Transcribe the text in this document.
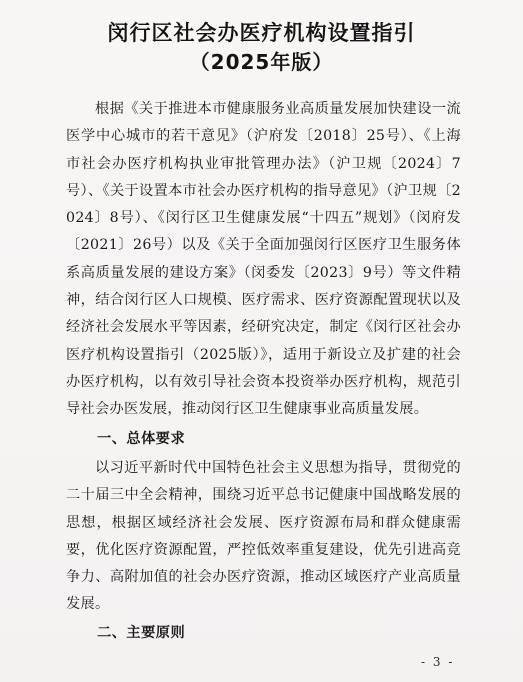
闵行区社会办医疗机构设置指引
（2025年版）
根据《关于推进本市健康服务业高质量发展加快建设一流医学中心城市的若干意见》（沪府发〔2018〕25号）、《上海市社会办医疗机构执业审批管理办法》（沪卫规〔2024〕7号）、《关于设置本市社会办医疗机构的指导意见》（沪卫规〔2024〕8号）、《闵行区卫生健康发展“十四五”规划》（闵府发〔2021〕26号）以及《关于全面加强闵行区医疗卫生服务体系高质量发展的建设方案》（闵委发〔2023〕9号）等文件精神，结合闵行区人口规模、医疗需求、医疗资源配置现状以及经济社会发展水平等因素，经研究决定，制定《闵行区社会办医疗机构设置指引（2025版）》，适用于新设立及扩建的社会办医疗机构，以有效引导社会资本投资举办医疗机构，规范引导社会办医发展，推动闵行区卫生健康事业高质量发展。
一、总体要求
以习近平新时代中国特色社会主义思想为指导，贯彻党的二十届三中全会精神，围绕习近平总书记健康中国战略发展的思想，根据区域经济社会发展、医疗资源布局和群众健康需要，优化医疗资源配置，严控低效率重复建设，优先引进高竞争力、高附加值的社会办医疗资源，推动区域医疗产业高质量发展。
二、主要原则
- 3 -
